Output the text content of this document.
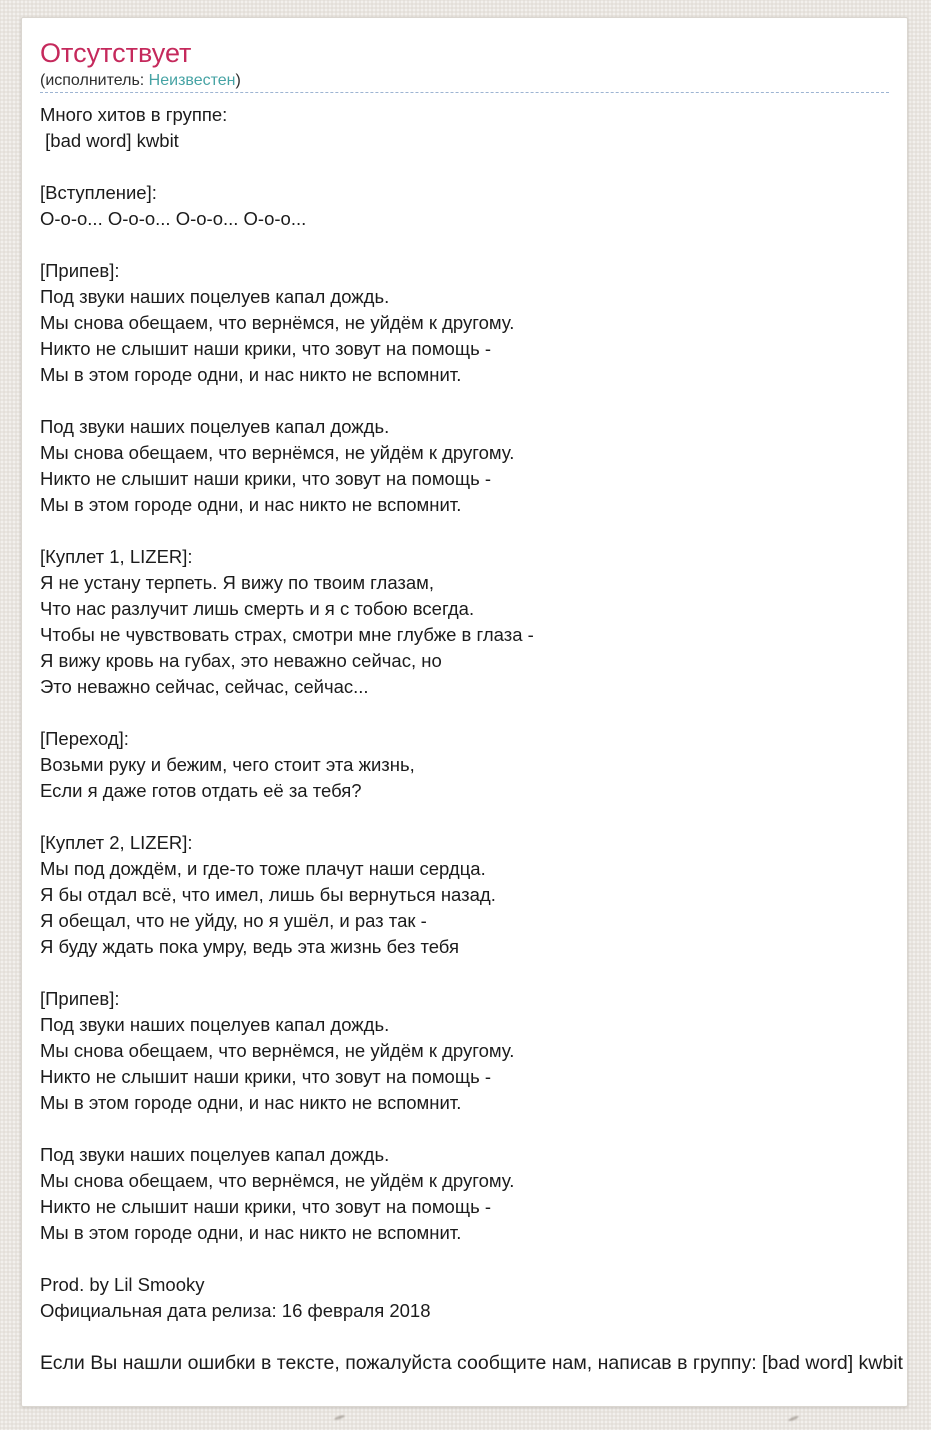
Отсутствует
(исполнитель: Неизвестен)
Много хитов в группе:
[bad word] kwbit
[Вступление]:
О-о-о... О-о-о... О-о-о... О-о-о...
[Припев]:
Под звуки наших поцелуев капал дождь.
Мы снова обещаем, что вернёмся, не уйдём к другому.
Никто не слышит наши крики, что зовут на помощь -
Мы в этом городе одни, и нас никто не вспомнит.
Под звуки наших поцелуев капал дождь.
Мы снова обещаем, что вернёмся, не уйдём к другому.
Никто не слышит наши крики, что зовут на помощь -
Мы в этом городе одни, и нас никто не вспомнит.
[Куплет 1, LIZER]:
Я не устану терпеть. Я вижу по твоим глазам,
Что нас разлучит лишь смерть и я с тобою всегда.
Чтобы не чувствовать страх, смотри мне глубже в глаза -
Я вижу кровь на губах, это неважно сейчас, но
Это неважно сейчас, сейчас, сейчас...
[Переход]:
Возьми руку и бежим, чего стоит эта жизнь,
Если я даже готов отдать её за тебя?
[Куплет 2, LIZER]:
Мы под дождём, и где-то тоже плачут наши сердца.
Я бы отдал всё, что имел, лишь бы вернуться назад.
Я обещал, что не уйду, но я ушёл, и раз так -
Я буду ждать пока умру, ведь эта жизнь без тебя
[Припев]:
Под звуки наших поцелуев капал дождь.
Мы снова обещаем, что вернёмся, не уйдём к другому.
Никто не слышит наши крики, что зовут на помощь -
Мы в этом городе одни, и нас никто не вспомнит.
Под звуки наших поцелуев капал дождь.
Мы снова обещаем, что вернёмся, не уйдём к другому.
Никто не слышит наши крики, что зовут на помощь -
Мы в этом городе одни, и нас никто не вспомнит.
Prod. by Lil Smooky
Официальная дата релиза: 16 февраля 2018
Если Вы нашли ошибки в тексте, пожалуйста сообщите нам, написав в группу: [bad word] kwbit
